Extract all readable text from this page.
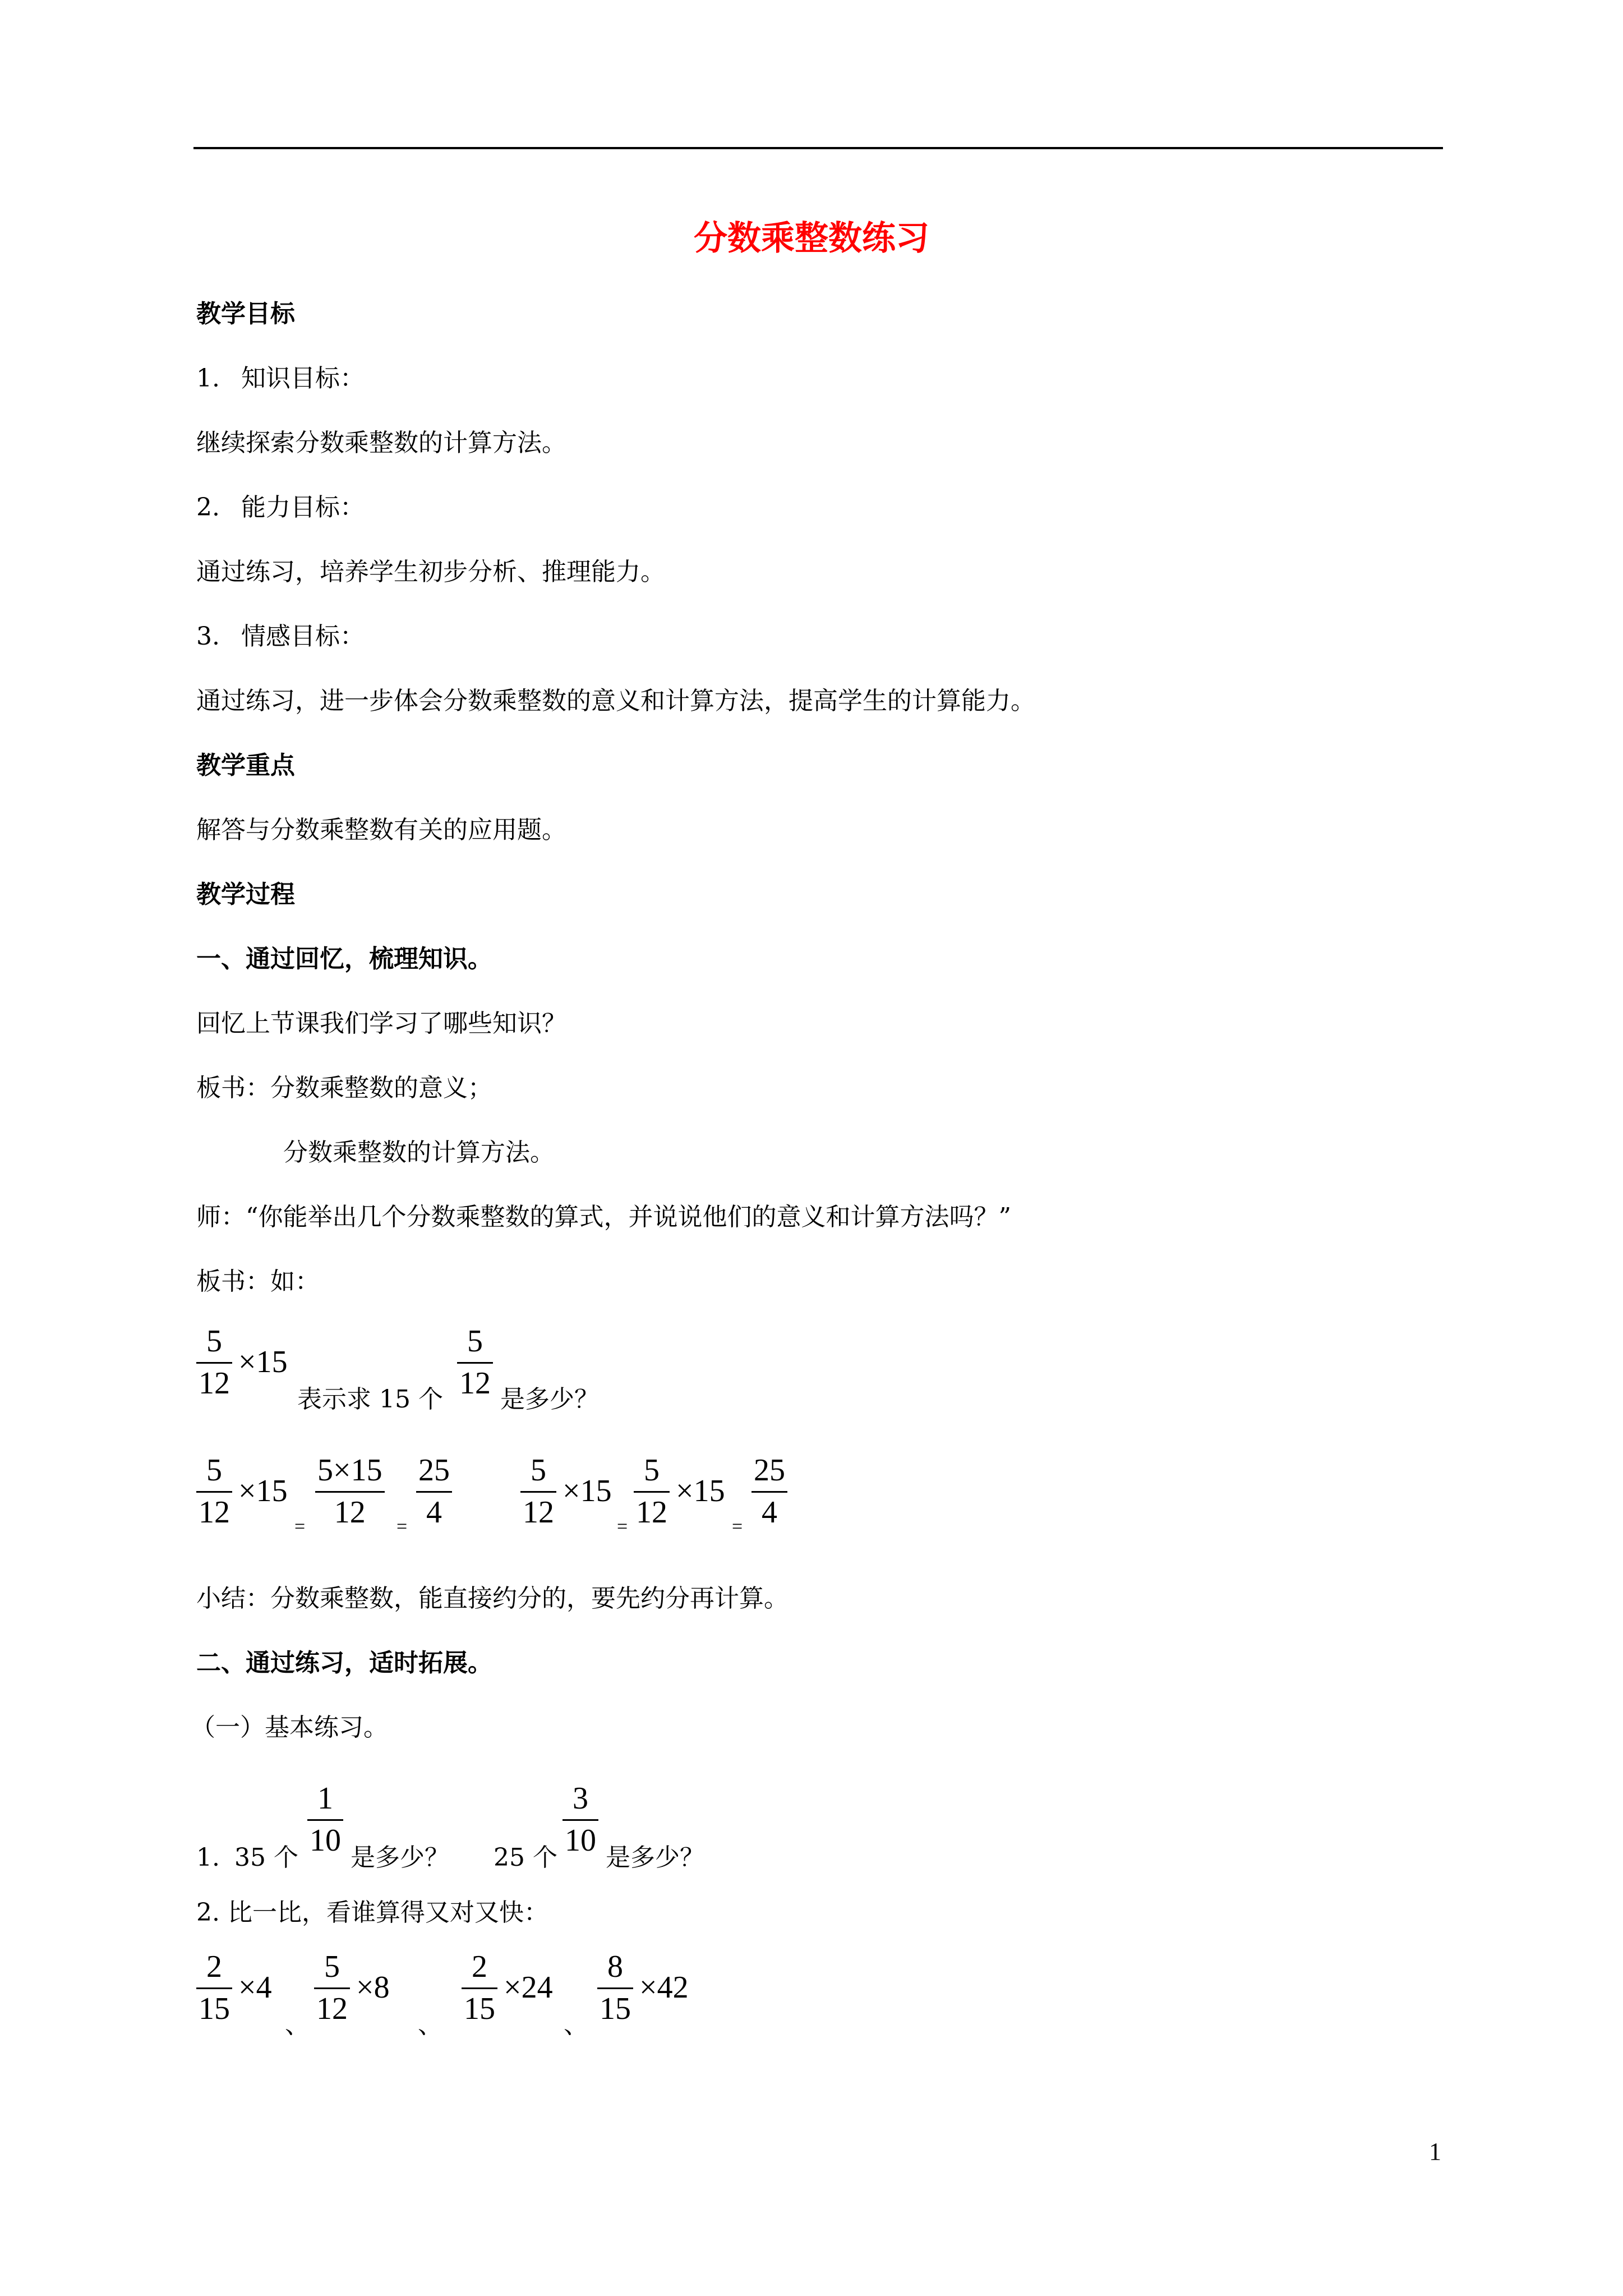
分数乘整数练习
教学目标
1. 知识目标：
继续探索分数乘整数的计算方法。
2. 能力目标：
通过练习，培养学生初步分析、推理能力。
3. 情感目标：
通过练习，进一步体会分数乘整数的意义和计算方法，提高学生的计算能力。
教学重点
解答与分数乘整数有关的应用题。
教学过程
一、通过回忆，梳理知识。
回忆上节课我们学习了哪些知识？
板书：分数乘整数的意义；
分数乘整数的计算方法。
师：“你能举出几个分数乘整数的算式，并说说他们的意义和计算方法吗？”
板书：如：
5
12
×15
表示求 15 个
5
12 是多少？
5
12
×15
=
5×15
12 =
25
4
5
12
×15
=
5
12
×15
=
25
4
小结：分数乘整数，能直接约分的，要先约分再计算。
二、通过练习，适时拓展。
（一）基本练习。
1. 35 个
1
10 是多少？ 25 个
3
10 是多少？
2. 比一比，看谁算得又对又快：
2
15
×4
、
5
12
×8
、
2
15
×24
、
8
15
×42
1
